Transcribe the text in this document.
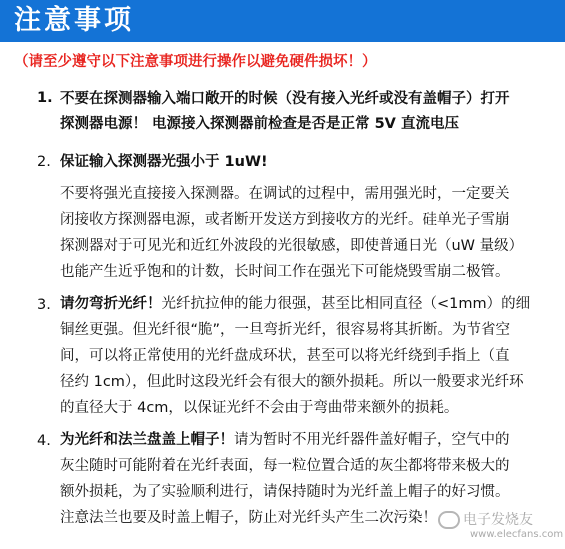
注意事项
（请至少遵守以下注意事项进行操作以避免硬件损坏！）
1. 不要在探测器输入端口敞开的时候（没有接入光纤或没有盖帽子）打开
探测器电源！ 电源接入探测器前检查是否是正常 5V 直流电压
2. 保证输入探测器光强小于 1uW!
不要将强光直接接入探测器。在调试的过程中，需用强光时，一定要关
闭接收方探测器电源，或者断开发送方到接收方的光纤。硅单光子雪崩
探测器对于可见光和近红外波段的光很敏感，即使普通日光（uW 量级）
也能产生近乎饱和的计数，长时间工作在强光下可能烧毁雪崩二极管。
3. 请勿弯折光纤！光纤抗拉伸的能力很强，甚至比相同直径（<1mm）的细
铜丝更强。但光纤很“脆”，一旦弯折光纤，很容易将其折断。为节省空
间，可以将正常使用的光纤盘成环状，甚至可以将光纤绕到手指上（直
径约 1cm），但此时这段光纤会有很大的额外损耗。所以一般要求光纤环
的直径大于 4cm，以保证光纤不会由于弯曲带来额外的损耗。
4. 为光纤和法兰盘盖上帽子！请为暂时不用光纤器件盖好帽子，空气中的
灰尘随时可能附着在光纤表面，每一粒位置合适的灰尘都将带来极大的
额外损耗，为了实验顺利进行，请保持随时为光纤盖上帽子的好习惯。
注意法兰也要及时盖上帽子，防止对光纤头产生二次污染！	电子发烧友
www.elecfans.com
